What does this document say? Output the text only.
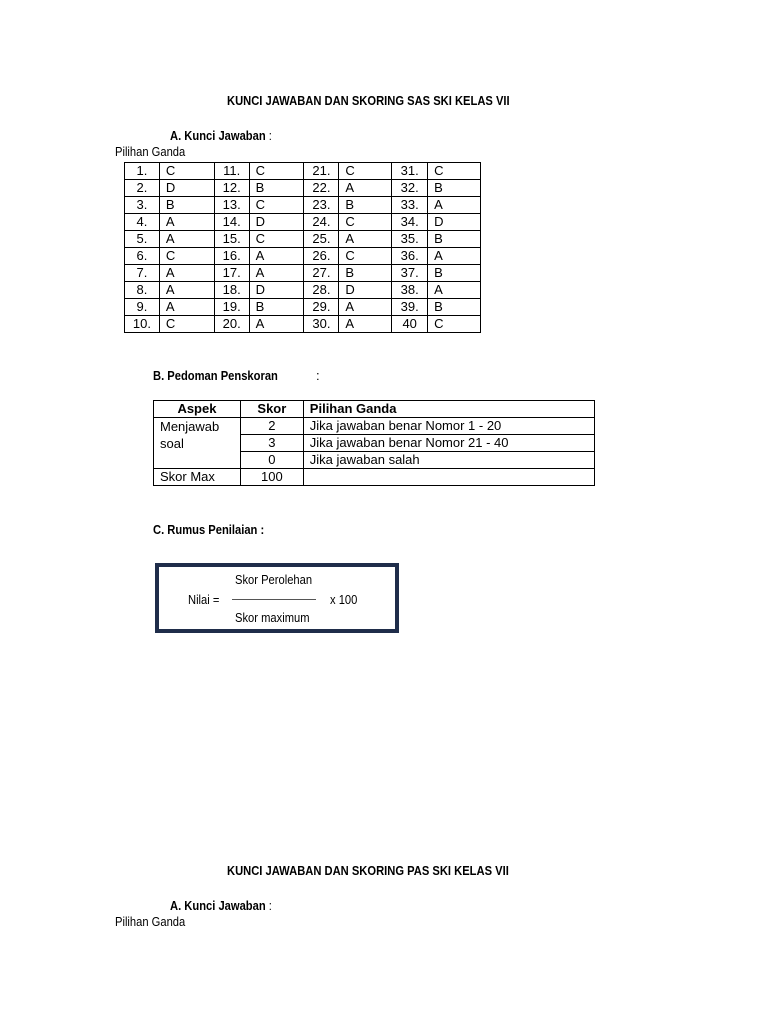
KUNCI JAWABAN DAN SKORING SAS SKI KELAS VII
A. Kunci Jawaban :
Pilihan Ganda
1.	C	11.	C	21.	C	31.	C
2.	D	12.	B	22.	A	32.	B
3.	B	13.	C	23.	B	33.	A
4.	A	14.	D	24.	C	34.	D
5.	A	15.	C	25.	A	35.	B
6.	C	16.	A	26.	C	36.	A
7.	A	17.	A	27.	B	37.	B
8.	A	18.	D	28.	D	38.	A
9.	A	19.	B	29.	A	39.	B
10.	C	20.	A	30.	A	40	C
B. Pedoman Penskoran	:
Aspek	Skor	Pilihan Ganda
Menjawab soal	2	Jika jawaban benar Nomor 1 - 20
	3	Jika jawaban benar Nomor 21 - 40
	0	Jika jawaban salah
Skor Max	100	
C. Rumus Penilaian :
Skor Perolehan
Nilai =	x 100
Skor maximum
KUNCI JAWABAN DAN SKORING PAS SKI KELAS VII
A. Kunci Jawaban :
Pilihan Ganda
